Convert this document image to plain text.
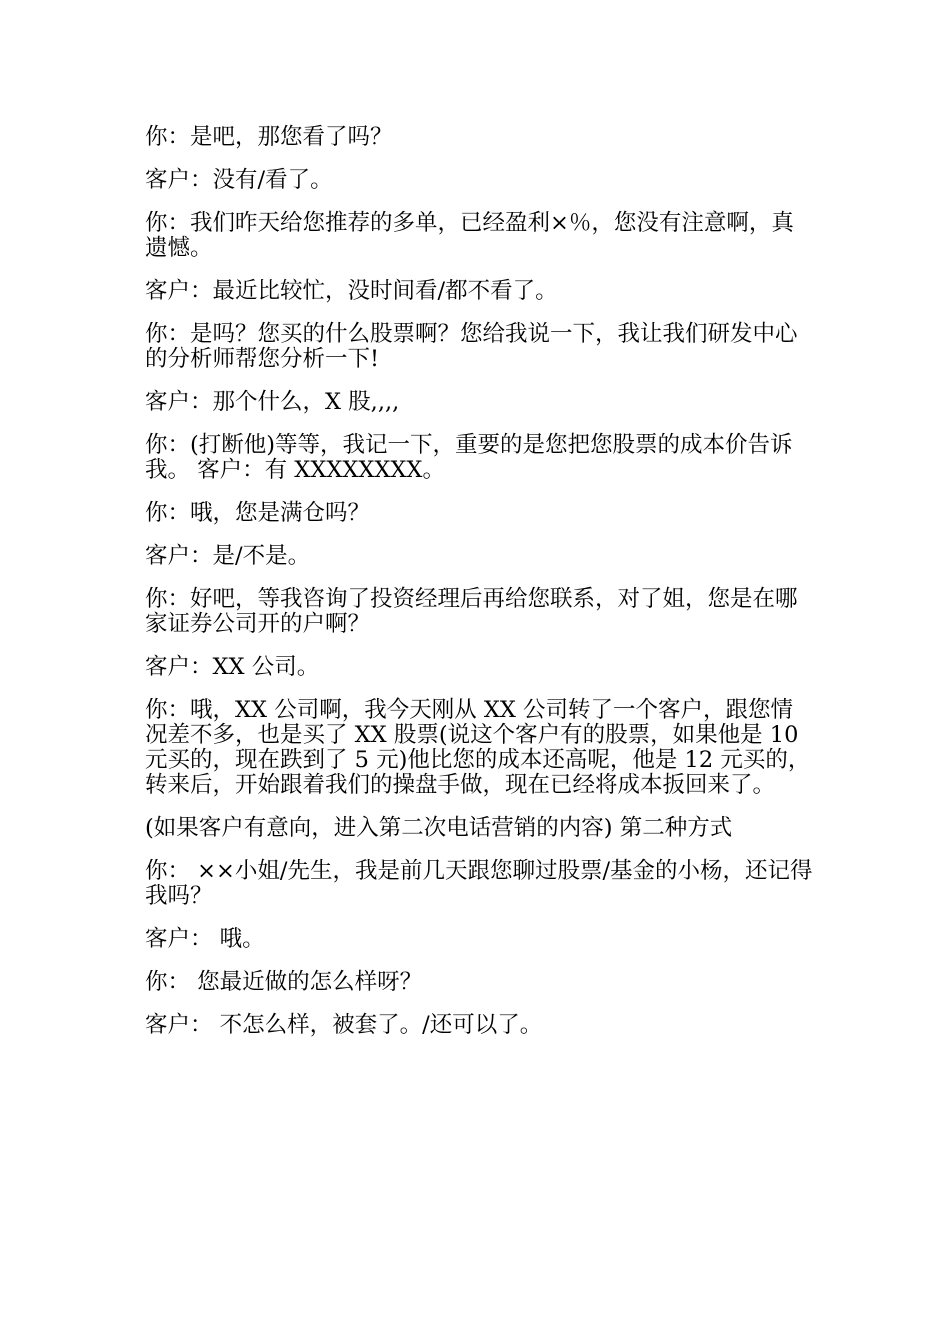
你：是吧，那您看了吗？

客户：没有/看了。

你：我们昨天给您推荐的多单，已经盈利×％，您没有注意啊，真遗憾。

客户：最近比较忙，没时间看/都不看了。

你：是吗？您买的什么股票啊？您给我说一下，我让我们研发中心的分析师帮您分析一下!

客户：那个什么，X 股,,,,

你：(打断他)等等，我记一下，重要的是您把您股票的成本价告诉我。 客户：有 XXXXXXXX。

你：哦，您是满仓吗？

客户：是/不是。

你：好吧，等我咨询了投资经理后再给您联系，对了姐，您是在哪家证券公司开的户啊？

客户：XX 公司。

你：哦，XX 公司啊，我今天刚从 XX 公司转了一个客户，跟您情况差不多，也是买了 XX 股票(说这个客户有的股票，如果他是 10 元买的，现在跌到了 5 元)他比您的成本还高呢，他是 12 元买的，转来后，开始跟着我们的操盘手做，现在已经将成本扳回来了。

(如果客户有意向，进入第二次电话营销的内容) 第二种方式

你： ××小姐/先生，我是前几天跟您聊过股票/基金的小杨，还记得我吗？

客户： 哦。

你： 您最近做的怎么样呀？

客户： 不怎么样，被套了。/还可以了。
